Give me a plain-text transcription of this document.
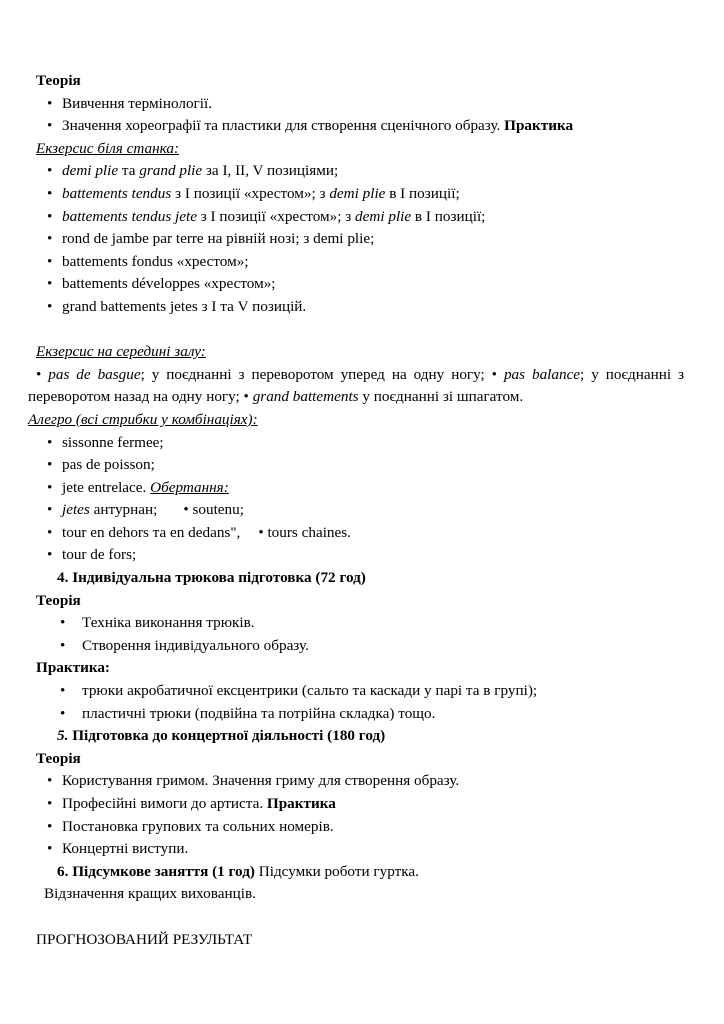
Теорія
• Вивчення термінології.
• Значення хореографії та пластики для створення сценічного образу. Практика
Екзерсис біля станка:
• demi plie та grand plie за I, II, V позиціями;
• battements tendus з I позиції «хрестом»; з demi plie в I позиції;
• battements tendus jete з I позиції «хрестом»; з demi plie в I позиції;
• rond de jambe par terre на рівній нозі; з demi plie;
• battements fondus «хрестом»;
• battements développes «хрестом»;
• grand battements jetes з I та V позицій.
Екзерсис на середині залу:
• pas de basgue; у поєднанні з переворотом уперед на одну ногу; • pas balance; у поєднанні з переворотом назад на одну ногу; • grand battements у поєднанні зі шпагатом.
Алегро (всі стрибки у комбінаціях):
• sissonne fermee;
• pas de poisson;
• jete entrelace. Обертання:
• jetes антурнан; • soutenu;
• tour en dehors та en dedans", • tours chaines.
• tour de fors;
4. Індивідуальна трюкова підготовка (72 год)
Теорія
• Техніка виконання трюків.
• Створення індивідуального образу.
Практика:
• трюки акробатичної ексцентрики (сальто та каскади у парі та в групі);
• пластичні трюки (подвійна та потрійна складка) тощо.
5. Підготовка до концертної діяльності (180 год)
Теорія
• Користування гримом. Значення гриму для створення образу.
• Професійні вимоги до артиста. Практика
• Постановка групових та сольних номерів.
• Концертні виступи.
6. Підсумкове заняття (1 год) Підсумки роботи гуртка.
Відзначення кращих вихованців.
ПРОГНОЗОВАНИЙ РЕЗУЛЬТАТ
